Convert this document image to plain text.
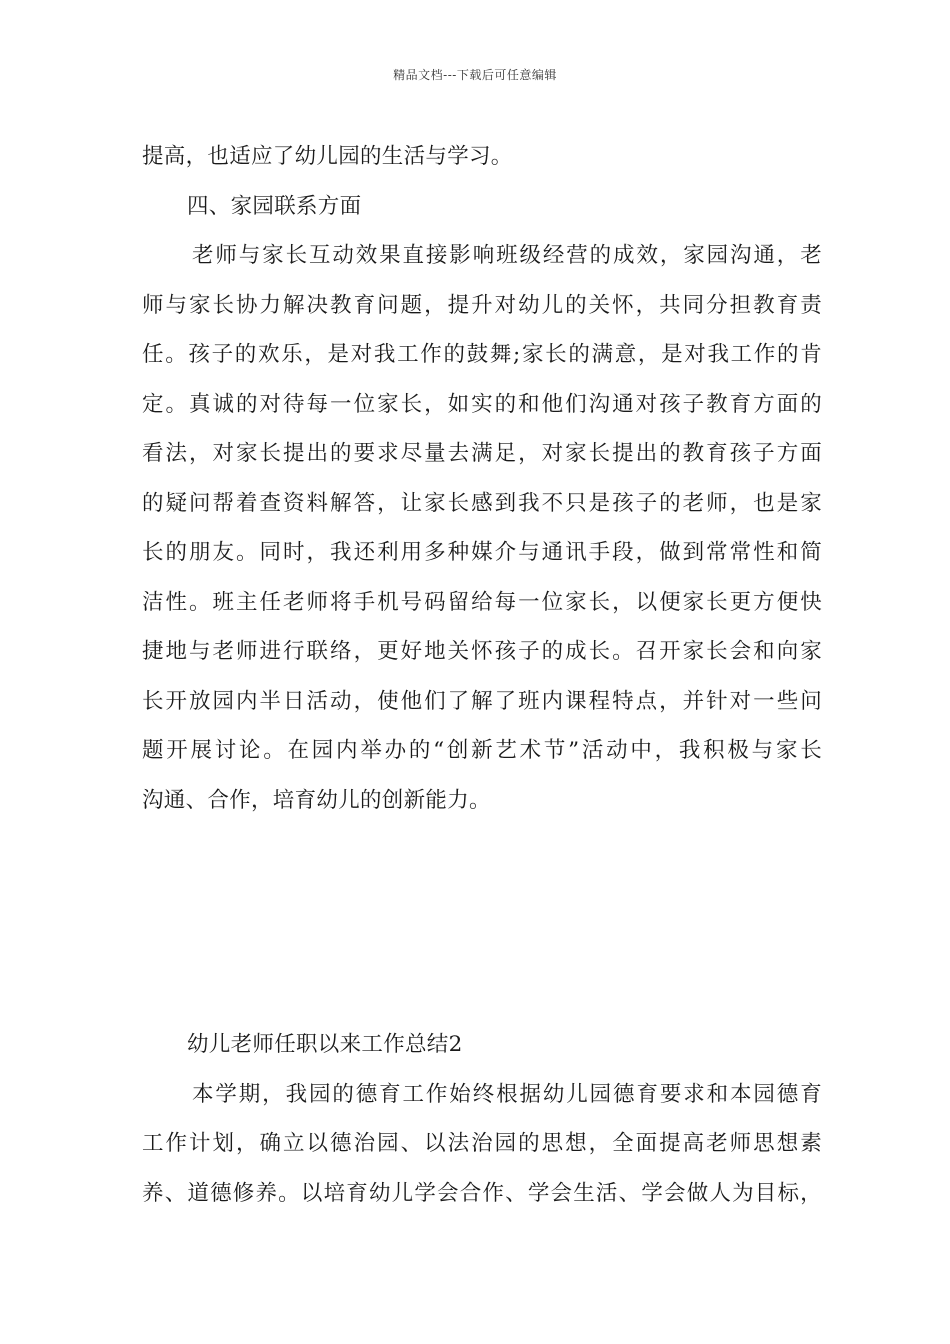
精品文档---下载后可任意编辑
提高，也适应了幼儿园的生活与学习。
四、家园联系方面
老师与家长互动效果直接影响班级经营的成效，家园沟通，老
师与家长协力解决教育问题，提升对幼儿的关怀，共同分担教育责
任。孩子的欢乐，是对我工作的鼓舞;家长的满意，是对我工作的肯
定。真诚的对待每一位家长，如实的和他们沟通对孩子教育方面的
看法，对家长提出的要求尽量去满足，对家长提出的教育孩子方面
的疑问帮着查资料解答，让家长感到我不只是孩子的老师，也是家
长的朋友。同时，我还利用多种媒介与通讯手段，做到常常性和简
洁性。班主任老师将手机号码留给每一位家长，以便家长更方便快
捷地与老师进行联络，更好地关怀孩子的成长。召开家长会和向家
长开放园内半日活动，使他们了解了班内课程特点，并针对一些问
题开展讨论。在园内举办的“创新艺术节”活动中，我积极与家长
沟通、合作，培育幼儿的创新能力。
幼儿老师任职以来工作总结2
本学期，我园的德育工作始终根据幼儿园德育要求和本园德育
工作计划，确立以德治园、以法治园的思想，全面提高老师思想素
养、道德修养。以培育幼儿学会合作、学会生活、学会做人为目标，
